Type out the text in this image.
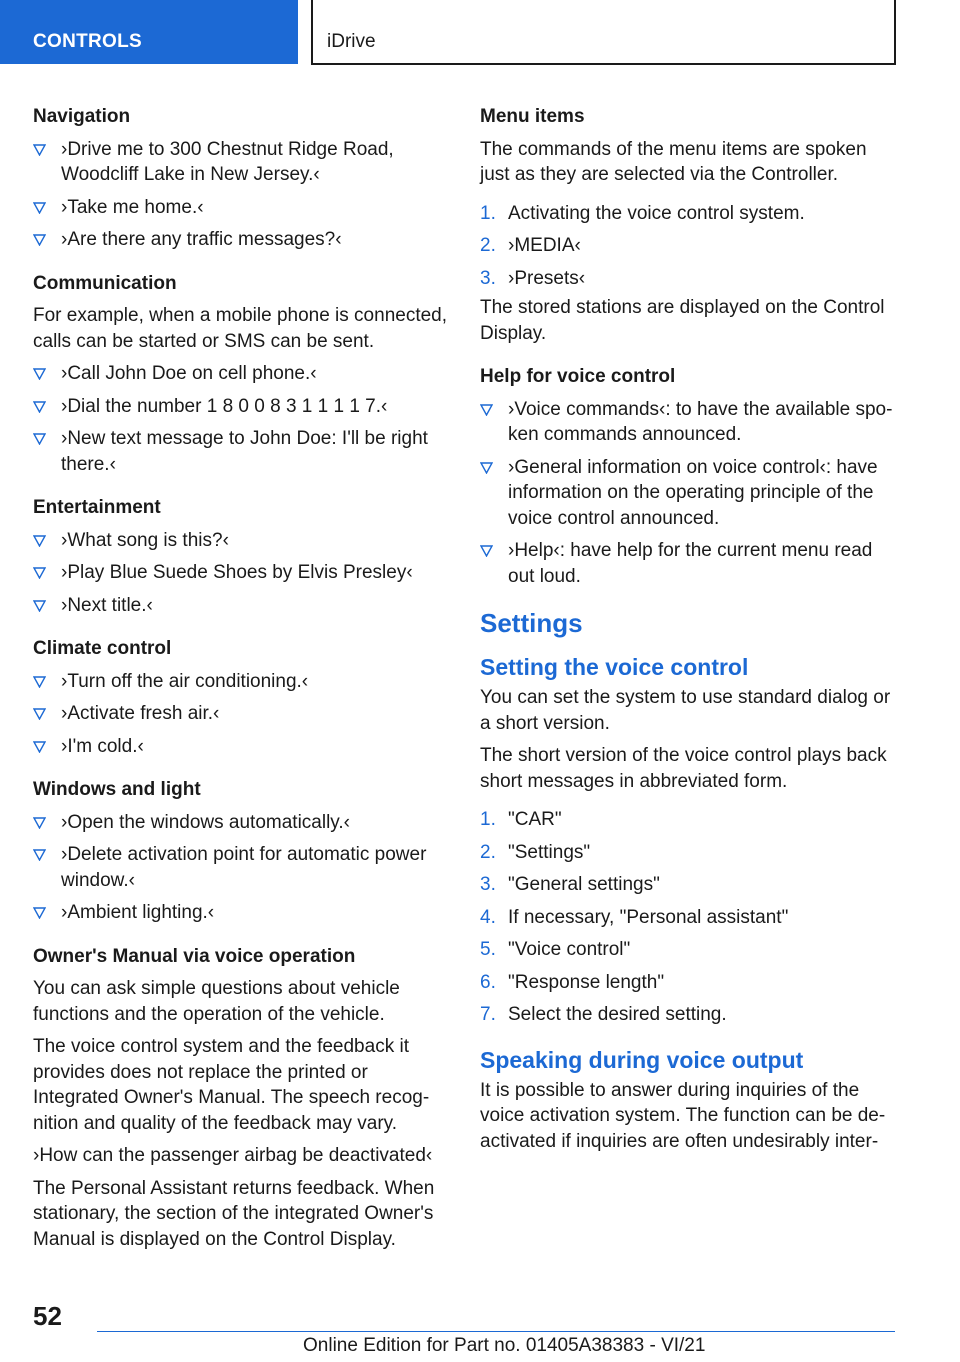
CONTROLS	iDrive
Navigation
›Drive me to 300 Chestnut Ridge Road, Woodcliff Lake in New Jersey.‹
›Take me home.‹
›Are there any traffic messages?‹
Communication
For example, when a mobile phone is connected, calls can be started or SMS can be sent.
›Call John Doe on cell phone.‹
›Dial the number 1 8 0 0 8 3 1 1 1 1 7.‹
›New text message to John Doe: I'll be right there.‹
Entertainment
›What song is this?‹
›Play Blue Suede Shoes by Elvis Presley‹
›Next title.‹
Climate control
›Turn off the air conditioning.‹
›Activate fresh air.‹
›I'm cold.‹
Windows and light
›Open the windows automatically.‹
›Delete activation point for automatic power window.‹
›Ambient lighting.‹
Owner's Manual via voice operation
You can ask simple questions about vehicle functions and the operation of the vehicle.
The voice control system and the feedback it provides does not replace the printed or Integrated Owner's Manual. The speech recognition and quality of the feedback may vary.
›How can the passenger airbag be deactivated‹
The Personal Assistant returns feedback. When stationary, the section of the integrated Owner's Manual is displayed on the Control Display.
Menu items
The commands of the menu items are spoken just as they are selected via the Controller.
1. Activating the voice control system.
2. ›MEDIA‹
3. ›Presets‹
The stored stations are displayed on the Control Display.
Help for voice control
›Voice commands‹: to have the available spoken commands announced.
›General information on voice control‹: have information on the operating principle of the voice control announced.
›Help‹: have help for the current menu read out loud.
Settings
Setting the voice control
You can set the system to use standard dialog or a short version.
The short version of the voice control plays back short messages in abbreviated form.
1. "CAR"
2. "Settings"
3. "General settings"
4. If necessary, "Personal assistant"
5. "Voice control"
6. "Response length"
7. Select the desired setting.
Speaking during voice output
It is possible to answer during inquiries of the voice activation system. The function can be deactivated if inquiries are often undesirably inter-
52
Online Edition for Part no. 01405A38383 - VI/21
